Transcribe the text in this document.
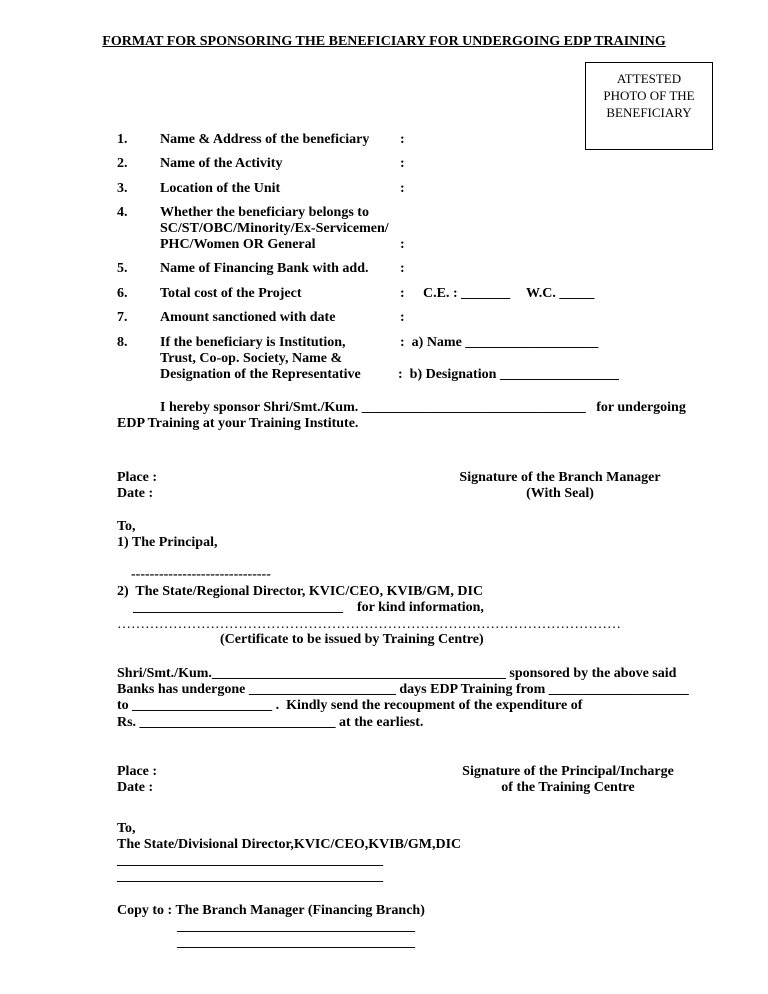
FORMAT FOR SPONSORING THE BENEFICIARY FOR UNDERGOING EDP TRAINING
ATTESTED
PHOTO OF THE
BENEFICIARY
1. Name & Address of the beneficiary :
2. Name of the Activity	:
3. Location of the Unit	:
4. Whether the beneficiary belongs to
SC/ST/OBC/Minority/Ex-Servicemen/
PHC/Women OR General	:
5. Name of Financing Bank with add. :
6. Total cost of the Project	: C.E. : _______ W.C. _____
7. Amount sanctioned with date	:
8. If the beneficiary is Institution,
Trust, Co-op. Society, Name &
Designation of the Representative
:  a) Name ___________________
:  b) Designation _________________
I hereby sponsor Shri/Smt./Kum. ________________________________   for undergoing
EDP Training at your Training Institute.
Place :
Date :
Signature of the Branch Manager
(With Seal)
To,
1) The Principal,
------------------------------
2)  The State/Regional Director, KVIC/CEO, KVIB/GM, DIC
______________________________    for kind information,
………………………………………………………………………………………………
(Certificate to be issued by Training Centre)
Shri/Smt./Kum.__________________________________________ sponsored by the above said
Banks has undergone _____________________ days EDP Training from ____________________
to ____________________ .  Kindly send the recoupment of the expenditure of
Rs. ____________________________ at the earliest.
Place :
Date :
Signature of the Principal/Incharge
of the Training Centre
To,
The State/Divisional Director,KVIC/CEO,KVIB/GM,DIC
______________________________________
______________________________________
Copy to : The Branch Manager (Financing Branch)
__________________________________
__________________________________
